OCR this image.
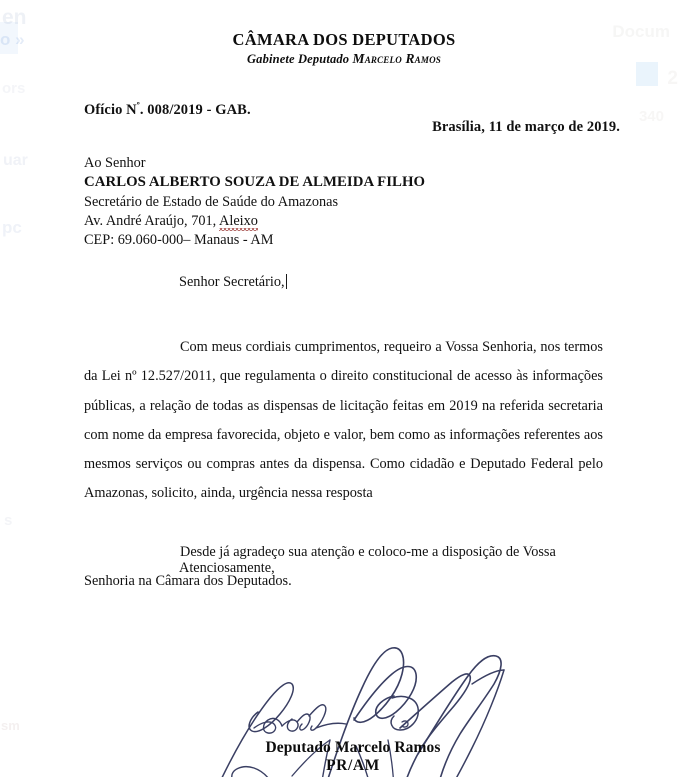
en
o »
ors
uar
pc
s
sm
Docum
2
340
CÂMARA DOS DEPUTADOS
Gabinete Deputado Marcelo Ramos
Ofício $N^º$. 008/2019 - GAB.
Brasília, 11 de março de 2019.
Ao Senhor
CARLOS ALBERTO SOUZA DE ALMEIDA FILHO
Secretário de Estado de Saúde do Amazonas
Av. André Araújo, 701, Aleixo
CEP: 69.060-000– Manaus - AM
Senhor Secretário,

Com meus cordiais cumprimentos, requeiro a Vossa Senhoria, nos termos da Lei nº 12.527/2011, que regulamenta o direito constitucional de acesso às informações públicas, a relação de todas as dispensas de licitação feitas em 2019 na referida secretaria com nome da empresa favorecida, objeto e valor, bem como as informações referentes aos mesmos serviços ou compras antes da dispensa. Como cidadão e Deputado Federal pelo Amazonas, solicito, ainda, urgência nessa resposta

Desde já agradeço sua atenção e coloco-me a disposição de Vossa Senhoria na Câmara dos Deputados.

Atenciosamente,
Deputado Marcelo Ramos
PR/AM
